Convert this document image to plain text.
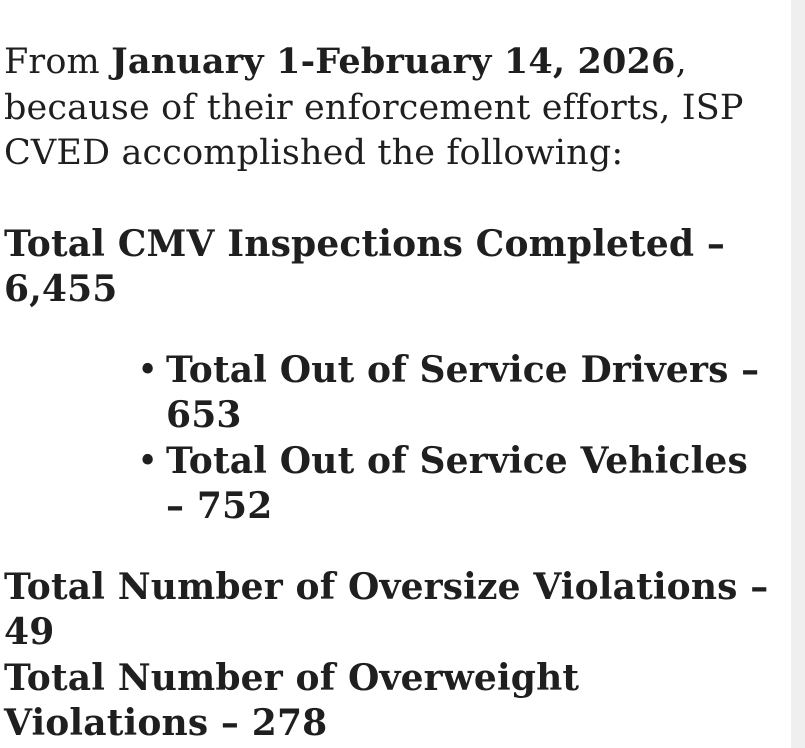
From January 1-February 14, 2026, because of their enforcement efforts, ISP CVED accomplished the following:

Total CMV Inspections Completed – 6,455

• Total Out of Service Drivers – 653
• Total Out of Service Vehicles – 752

Total Number of Oversize Violations – 49

Total Number of Overweight Violations – 278
